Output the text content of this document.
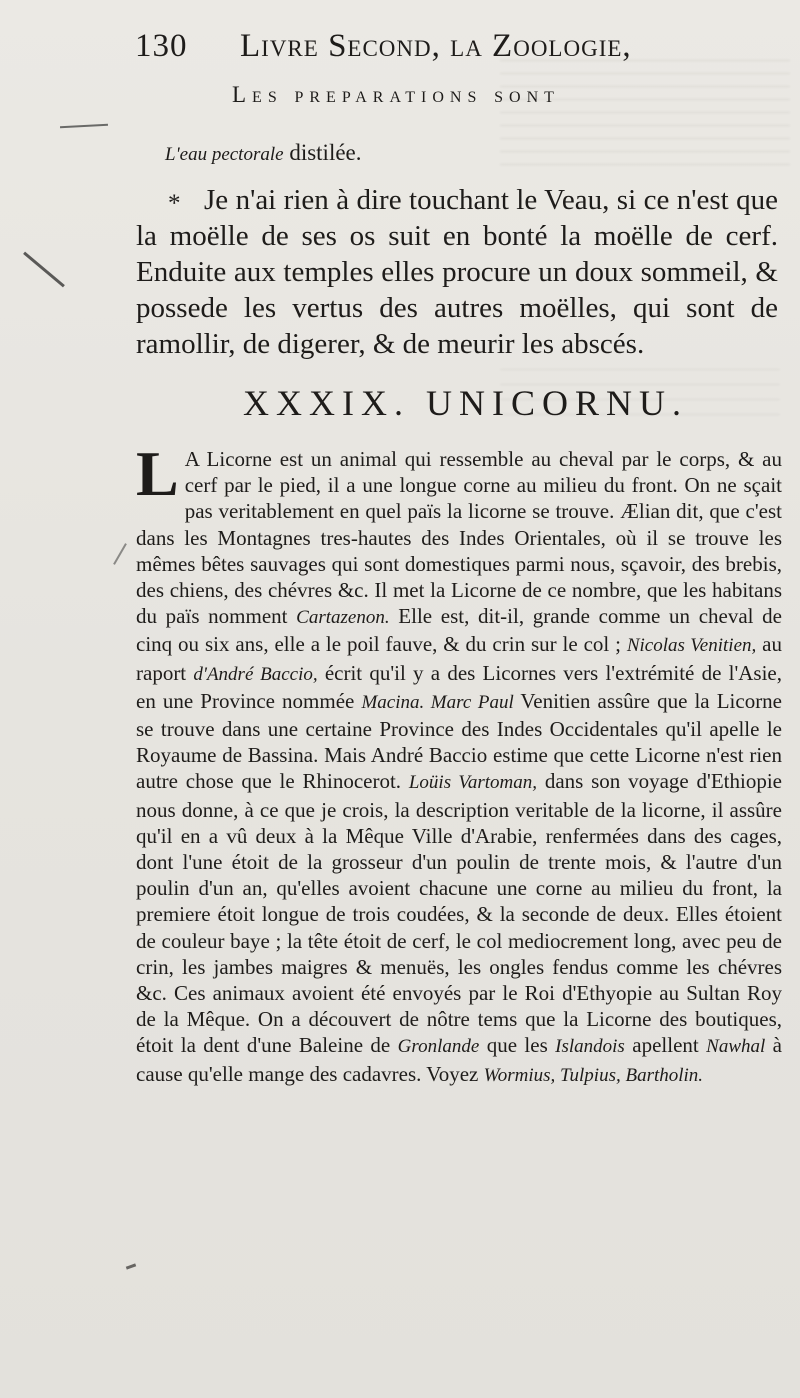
130 Livre Second, la Zoologie,
Les preparations sont
L'eau pectorale distilée.
* Je n'ai rien à dire touchant le Veau, si ce n'est que la moëlle de ses os suit en bonté la moëlle de cerf. Enduite aux temples elles procure un doux sommeil, & possede les vertus des autres moëlles, qui sont de ramollir, de digerer, & de meurir les abscés.
XXXIX. UNICORNU.
L A Licorne est un animal qui ressemble au cheval par le corps, & au cerf par le pied, il a une longue corne au milieu du front. On ne sçait pas veritablement en quel païs la licorne se trouve. Ælian dit, que c'est dans les Montagnes tres-hautes des Indes Orientales, où il se trouve les mêmes bêtes sauvages qui sont domestiques parmi nous, sçavoir, des brebis, des chiens, des chévres &c. Il met la Licorne de ce nombre, que les habitans du païs nomment Cartazenon. Elle est, dit-il, grande comme un cheval de cinq ou six ans, elle a le poil fauve, & du crin sur le col ; Nicolas Venitien, au raport d'André Baccio, écrit qu'il y a des Licornes vers l'extrémité de l'Asie, en une Province nommée Macina. Marc Paul Venitien assûre que la Licorne se trouve dans une certaine Province des Indes Occidentales qu'il apelle le Royaume de Bassina. Mais André Baccio estime que cette Licorne n'est rien autre chose que le Rhinocerot. Loüis Vartoman, dans son voyage d'Ethiopie nous donne, à ce que je crois, la description veritable de la licorne, il assûre qu'il en a vû deux à la Mêque Ville d'Arabie, renfermées dans des cages, dont l'une étoit de la grosseur d'un poulin de trente mois, & l'autre d'un poulin d'un an, qu'elles avoient chacune une corne au milieu du front, la premiere étoit longue de trois coudées, & la seconde de deux. Elles étoient de couleur baye ; la tête étoit de cerf, le col mediocrement long, avec peu de crin, les jambes maigres & menuës, les ongles fendus comme les chévres &c. Ces animaux avoient été envoyés par le Roi d'Ethyopie au Sultan Roy de la Mêque. On a découvert de nôtre tems que la Licorne des boutiques, étoit la dent d'une Baleine de Gronlande que les Islandois apellent Nawhal à cause qu'elle mange des cadavres. Voyez Wormius, Tulpius, Bartholin.
